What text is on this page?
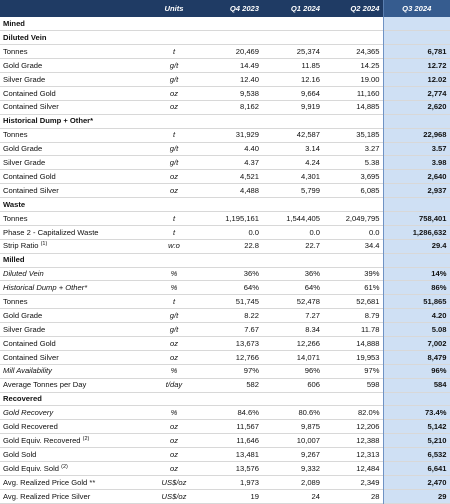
	Units	Q4 2023	Q1 2024	Q2 2024	Q3 2024
Mined					
Diluted Vein					
Tonnes	t	20,469	25,374	24,365	6,781
Gold Grade	g/t	14.49	11.85	14.25	12.72
Silver Grade	g/t	12.40	12.16	19.00	12.02
Contained Gold	oz	9,538	9,664	11,160	2,774
Contained Silver	oz	8,162	9,919	14,885	2,620
Historical Dump + Other*					
Tonnes	t	31,929	42,587	35,185	22,968
Gold Grade	g/t	4.40	3.14	3.27	3.57
Silver Grade	g/t	4.37	4.24	5.38	3.98
Contained Gold	oz	4,521	4,301	3,695	2,640
Contained Silver	oz	4,488	5,799	6,085	2,937
Waste					
Tonnes	t	1,195,161	1,544,405	2,049,795	758,401
Phase 2 - Capitalized Waste	t	0.0	0.0	0.0	1,286,632
Strip Ratio $^{(1)}$	w:o	22.8	22.7	34.4	29.4
Milled					
Diluted Vein	%	36%	36%	39%	14%
Historical Dump + Other*	%	64%	64%	61%	86%
Tonnes	t	51,745	52,478	52,681	51,865
Gold Grade	g/t	8.22	7.27	8.79	4.20
Silver Grade	g/t	7.67	8.34	11.78	5.08
Contained Gold	oz	13,673	12,266	14,888	7,002
Contained Silver	oz	12,766	14,071	19,953	8,479
Mill Availability	%	97%	96%	97%	96%
Average Tonnes per Day	t/day	582	606	598	584
Recovered					
Gold Recovery	%	84.6%	80.6%	82.0%	73.4%
Gold Recovered	oz	11,567	9,875	12,206	5,142
Gold Equiv. Recovered $^{(2)}$	oz	11,646	10,007	12,388	5,210
Gold Sold	oz	13,481	9,267	12,313	6,532
Gold Equiv. Sold $^{(2)}$	oz	13,576	9,332	12,484	6,641
Avg. Realized Price Gold **	US$/oz	1,973	2,089	2,349	2,470
Avg. Realized Price Silver	US$/oz	19	24	28	29
